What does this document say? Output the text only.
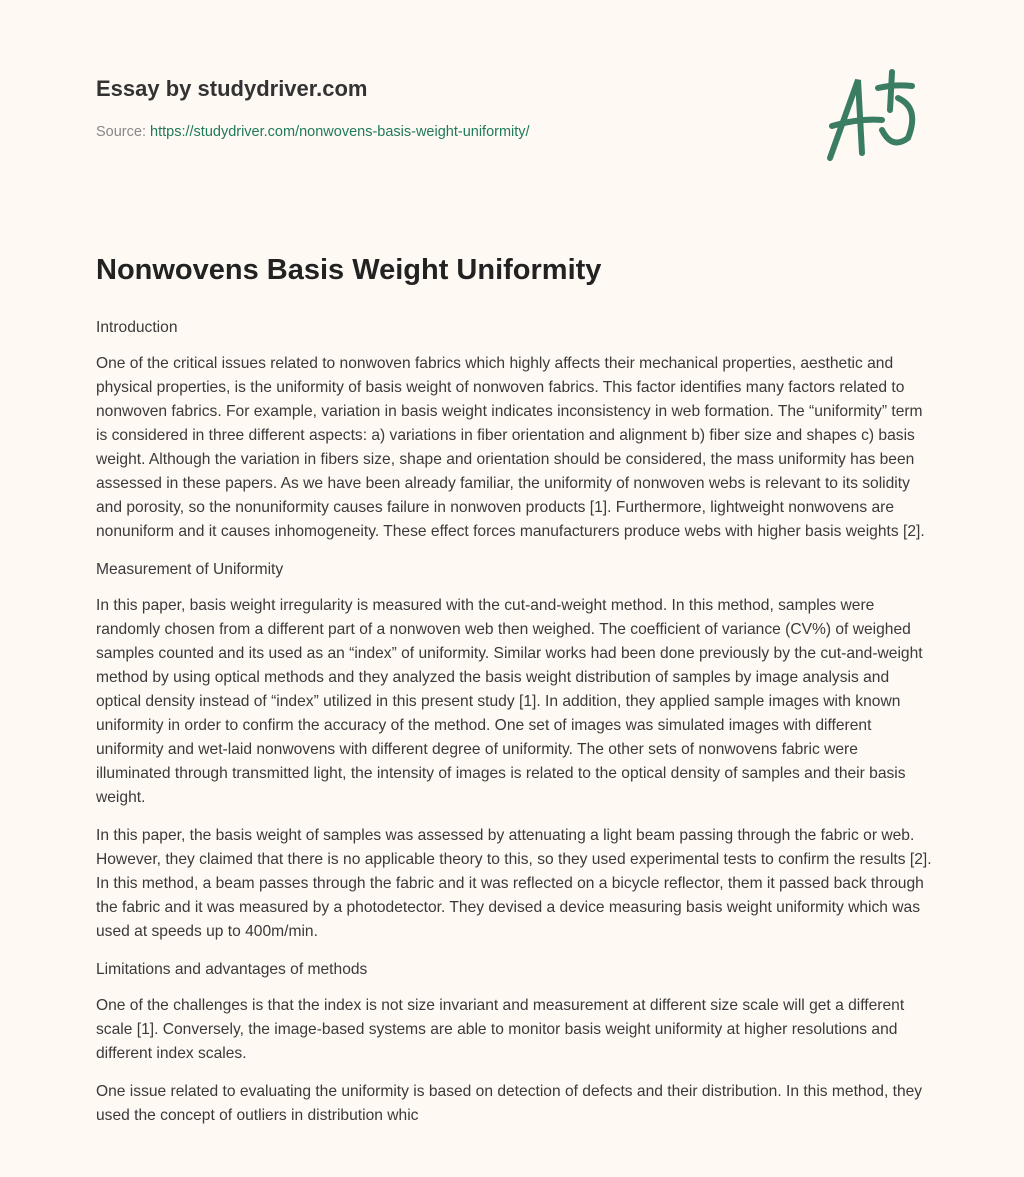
Essay by studydriver.com
Source: https://studydriver.com/nonwovens-basis-weight-uniformity/
Nonwovens Basis Weight Uniformity

Introduction

One of the critical issues related to nonwoven fabrics which highly affects their mechanical properties, aesthetic and physical properties, is the uniformity of basis weight of nonwoven fabrics. This factor identifies many factors related to nonwoven fabrics. For example, variation in basis weight indicates inconsistency in web formation. The “uniformity” term is considered in three different aspects: a) variations in fiber orientation and alignment b) fiber size and shapes c) basis weight. Although the variation in fibers size, shape and orientation should be considered, the mass uniformity has been assessed in these papers. As we have been already familiar, the uniformity of nonwoven webs is relevant to its solidity and porosity, so the nonuniformity causes failure in nonwoven products [1]. Furthermore, lightweight nonwovens are nonuniform and it causes inhomogeneity. These effect forces manufacturers produce webs with higher basis weights [2].

Measurement of Uniformity

In this paper, basis weight irregularity is measured with the cut-and-weight method. In this method, samples were randomly chosen from a different part of a nonwoven web then weighed. The coefficient of variance (CV%) of weighed samples counted and its used as an “index” of uniformity. Similar works had been done previously by the cut-and-weight method by using optical methods and they analyzed the basis weight distribution of samples by image analysis and optical density instead of “index” utilized in this present study [1]. In addition, they applied sample images with known uniformity in order to confirm the accuracy of the method. One set of images was simulated images with different uniformity and wet-laid nonwovens with different degree of uniformity. The other sets of nonwovens fabric were illuminated through transmitted light, the intensity of images is related to the optical density of samples and their basis weight.

In this paper, the basis weight of samples was assessed by attenuating a light beam passing through the fabric or web. However, they claimed that there is no applicable theory to this, so they used experimental tests to confirm the results [2]. In this method, a beam passes through the fabric and it was reflected on a bicycle reflector, them it passed back through the fabric and it was measured by a photodetector. They devised a device measuring basis weight uniformity which was used at speeds up to 400m/min.

Limitations and advantages of methods

One of the challenges is that the index is not size invariant and measurement at different size scale will get a different scale [1]. Conversely, the image-based systems are able to monitor basis weight uniformity at higher resolutions and different index scales.

One issue related to evaluating the uniformity is based on detection of defects and their distribution. In this method, they used the concept of outliers in distribution whic
